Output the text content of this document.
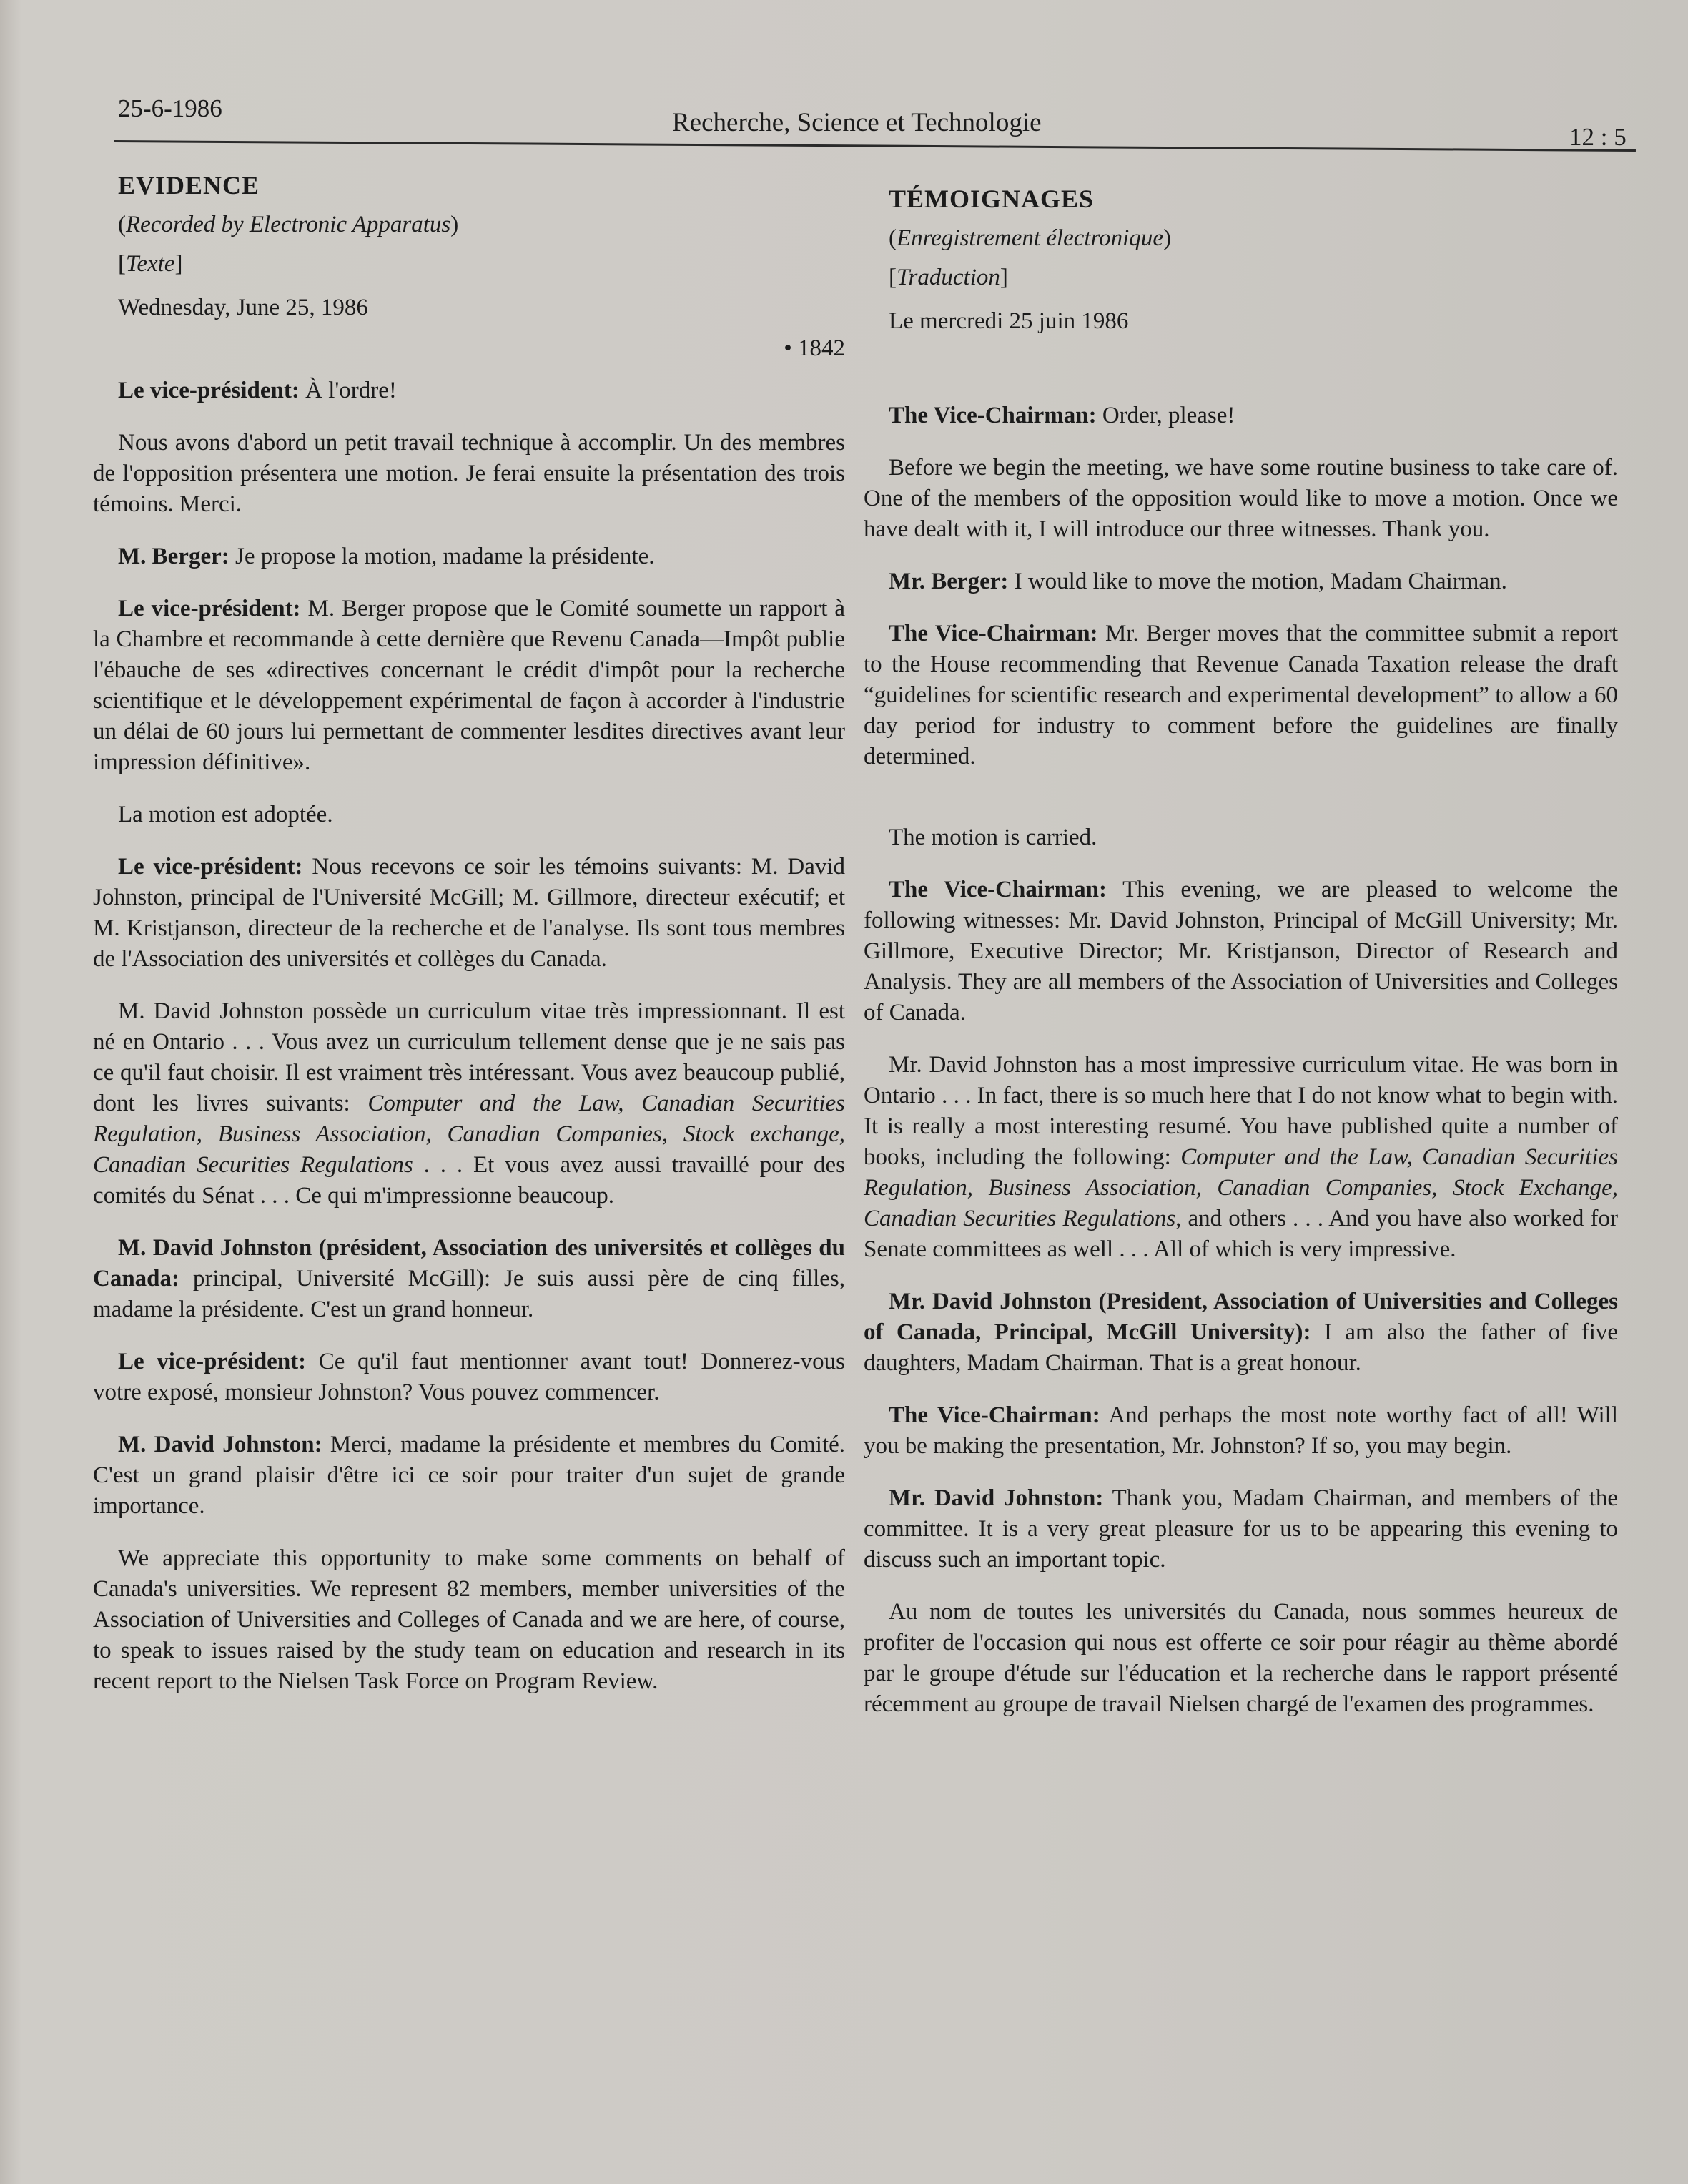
25-6-1986	Recherche, Science et Technologie	12 : 5

EVIDENCE

(Recorded by Electronic Apparatus)

[Texte]

Wednesday, June 25, 1986

• 1842

Le vice-président: À l'ordre!

Nous avons d'abord un petit travail technique à accomplir. Un des membres de l'opposition présentera une motion. Je ferai ensuite la présentation des trois témoins. Merci.

M. Berger: Je propose la motion, madame la présidente.

Le vice-président: M. Berger propose que le Comité soumette un rapport à la Chambre et recommande à cette dernière que Revenu Canada—Impôt publie l'ébauche de ses «directives concernant le crédit d'impôt pour la recherche scientifique et le développement expérimental de façon à accorder à l'industrie un délai de 60 jours lui permettant de commenter lesdites directives avant leur impression définitive».

La motion est adoptée.

Le vice-président: Nous recevons ce soir les témoins suivants: M. David Johnston, principal de l'Université McGill; M. Gillmore, directeur exécutif; et M. Kristjanson, directeur de la recherche et de l'analyse. Ils sont tous membres de l'Association des universités et collèges du Canada.

M. David Johnston possède un curriculum vitae très impressionnant. Il est né en Ontario . . . Vous avez un curriculum tellement dense que je ne sais pas ce qu'il faut choisir. Il est vraiment très intéressant. Vous avez beaucoup publié, dont les livres suivants: Computer and the Law, Canadian Securities Regulation, Business Association, Canadian Companies, Stock exchange, Canadian Securities Regulations . . . Et vous avez aussi travaillé pour des comités du Sénat . . . Ce qui m'impressionne beaucoup.

M. David Johnston (président, Association des universités et collèges du Canada: principal, Université McGill): Je suis aussi père de cinq filles, madame la présidente. C'est un grand honneur.

Le vice-président: Ce qu'il faut mentionner avant tout! Donnerez-vous votre exposé, monsieur Johnston? Vous pouvez commencer.

M. David Johnston: Merci, madame la présidente et membres du Comité. C'est un grand plaisir d'être ici ce soir pour traiter d'un sujet de grande importance.

We appreciate this opportunity to make some comments on behalf of Canada's universities. We represent 82 members, member universities of the Association of Universities and Colleges of Canada and we are here, of course, to speak to issues raised by the study team on education and research in its recent report to the Nielsen Task Force on Program Review.

TÉMOIGNAGES

(Enregistrement électronique)

[Traduction]

Le mercredi 25 juin 1986

The Vice-Chairman: Order, please!

Before we begin the meeting, we have some routine business to take care of. One of the members of the opposition would like to move a motion. Once we have dealt with it, I will introduce our three witnesses. Thank you.

Mr. Berger: I would like to move the motion, Madam Chairman.

The Vice-Chairman: Mr. Berger moves that the committee submit a report to the House recommending that Revenue Canada Taxation release the draft “guidelines for scientific research and experimental development” to allow a 60 day period for industry to comment before the guidelines are finally determined.

The motion is carried.

The Vice-Chairman: This evening, we are pleased to welcome the following witnesses: Mr. David Johnston, Principal of McGill University; Mr. Gillmore, Executive Director; Mr. Kristjanson, Director of Research and Analysis. They are all members of the Association of Universities and Colleges of Canada.

Mr. David Johnston has a most impressive curriculum vitae. He was born in Ontario . . . In fact, there is so much here that I do not know what to begin with. It is really a most interesting resumé. You have published quite a number of books, including the following: Computer and the Law, Canadian Securities Regulation, Business Association, Canadian Companies, Stock Exchange, Canadian Securities Regulations, and others . . . And you have also worked for Senate committees as well . . . All of which is very impressive.

Mr. David Johnston (President, Association of Universities and Colleges of Canada, Principal, McGill University): I am also the father of five daughters, Madam Chairman. That is a great honour.

The Vice-Chairman: And perhaps the most note worthy fact of all! Will you be making the presentation, Mr. Johnston? If so, you may begin.

Mr. David Johnston: Thank you, Madam Chairman, and members of the committee. It is a very great pleasure for us to be appearing this evening to discuss such an important topic.

Au nom de toutes les universités du Canada, nous sommes heureux de profiter de l'occasion qui nous est offerte ce soir pour réagir au thème abordé par le groupe d'étude sur l'éducation et la recherche dans le rapport présenté récemment au groupe de travail Nielsen chargé de l'examen des programmes.
